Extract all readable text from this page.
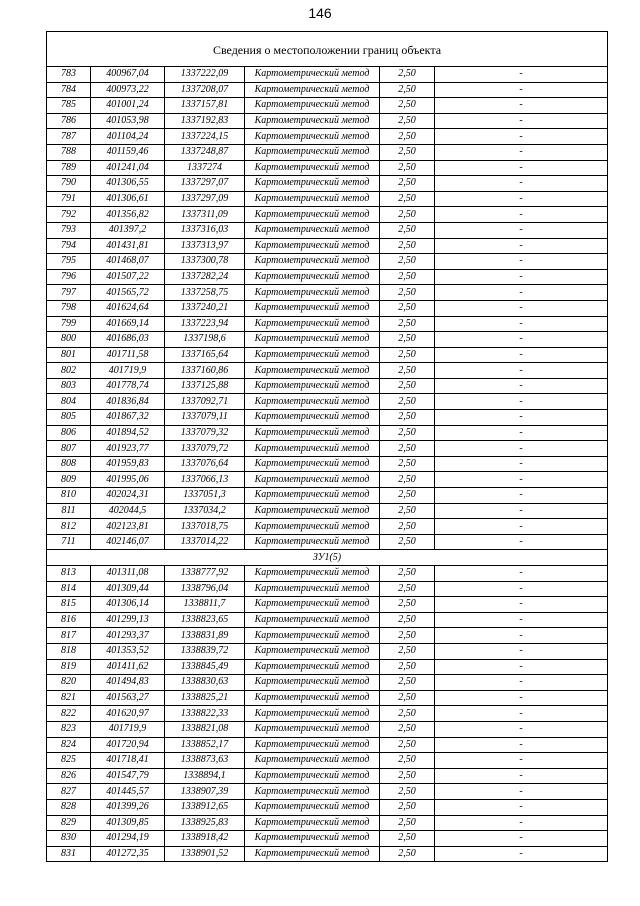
146
Сведения о местоположении границ объекта					
783	400967,04	1337222,09	Картометрический метод	2,50	-
784	400973,22	1337208,07	Картометрический метод	2,50	-
785	401001,24	1337157,81	Картометрический метод	2,50	-
786	401053,98	1337192,83	Картометрический метод	2,50	-
787	401104,24	1337224,15	Картометрический метод	2,50	-
788	401159,46	1337248,87	Картометрический метод	2,50	-
789	401241,04	1337274	Картометрический метод	2,50	-
790	401306,55	1337297,07	Картометрический метод	2,50	-
791	401306,61	1337297,09	Картометрический метод	2,50	-
792	401356,82	1337311,09	Картометрический метод	2,50	-
793	401397,2	1337316,03	Картометрический метод	2,50	-
794	401431,81	1337313,97	Картометрический метод	2,50	-
795	401468,07	1337300,78	Картометрический метод	2,50	-
796	401507,22	1337282,24	Картометрический метод	2,50	-
797	401565,72	1337258,75	Картометрический метод	2,50	-
798	401624,64	1337240,21	Картометрический метод	2,50	-
799	401669,14	1337223,94	Картометрический метод	2,50	-
800	401686,03	1337198,6	Картометрический метод	2,50	-
801	401711,58	1337165,64	Картометрический метод	2,50	-
802	401719,9	1337160,86	Картометрический метод	2,50	-
803	401778,74	1337125,88	Картометрический метод	2,50	-
804	401836,84	1337092,71	Картометрический метод	2,50	-
805	401867,32	1337079,11	Картометрический метод	2,50	-
806	401894,52	1337079,32	Картометрический метод	2,50	-
807	401923,77	1337079,72	Картометрический метод	2,50	-
808	401959,83	1337076,64	Картометрический метод	2,50	-
809	401995,06	1337066,13	Картометрический метод	2,50	-
810	402024,31	1337051,3	Картометрический метод	2,50	-
811	402044,5	1337034,2	Картометрический метод	2,50	-
812	402123,81	1337018,75	Картометрический метод	2,50	-
711	402146,07	1337014,22	Картометрический метод	2,50	-
ЗУ1(5)					
813	401311,08	1338777,92	Картометрический метод	2,50	-
814	401309,44	1338796,04	Картометрический метод	2,50	-
815	401306,14	1338811,7	Картометрический метод	2,50	-
816	401299,13	1338823,65	Картометрический метод	2,50	-
817	401293,37	1338831,89	Картометрический метод	2,50	-
818	401353,52	1338839,72	Картометрический метод	2,50	-
819	401411,62	1338845,49	Картометрический метод	2,50	-
820	401494,83	1338830,63	Картометрический метод	2,50	-
821	401563,27	1338825,21	Картометрический метод	2,50	-
822	401620,97	1338822,33	Картометрический метод	2,50	-
823	401719,9	1338821,08	Картометрический метод	2,50	-
824	401720,94	1338852,17	Картометрический метод	2,50	-
825	401718,41	1338873,63	Картометрический метод	2,50	-
826	401547,79	1338894,1	Картометрический метод	2,50	-
827	401445,57	1338907,39	Картометрический метод	2,50	-
828	401399,26	1338912,65	Картометрический метод	2,50	-
829	401309,85	1338925,83	Картометрический метод	2,50	-
830	401294,19	1338918,42	Картометрический метод	2,50	-
831	401272,35	1338901,52	Картометрический метод	2,50	-
